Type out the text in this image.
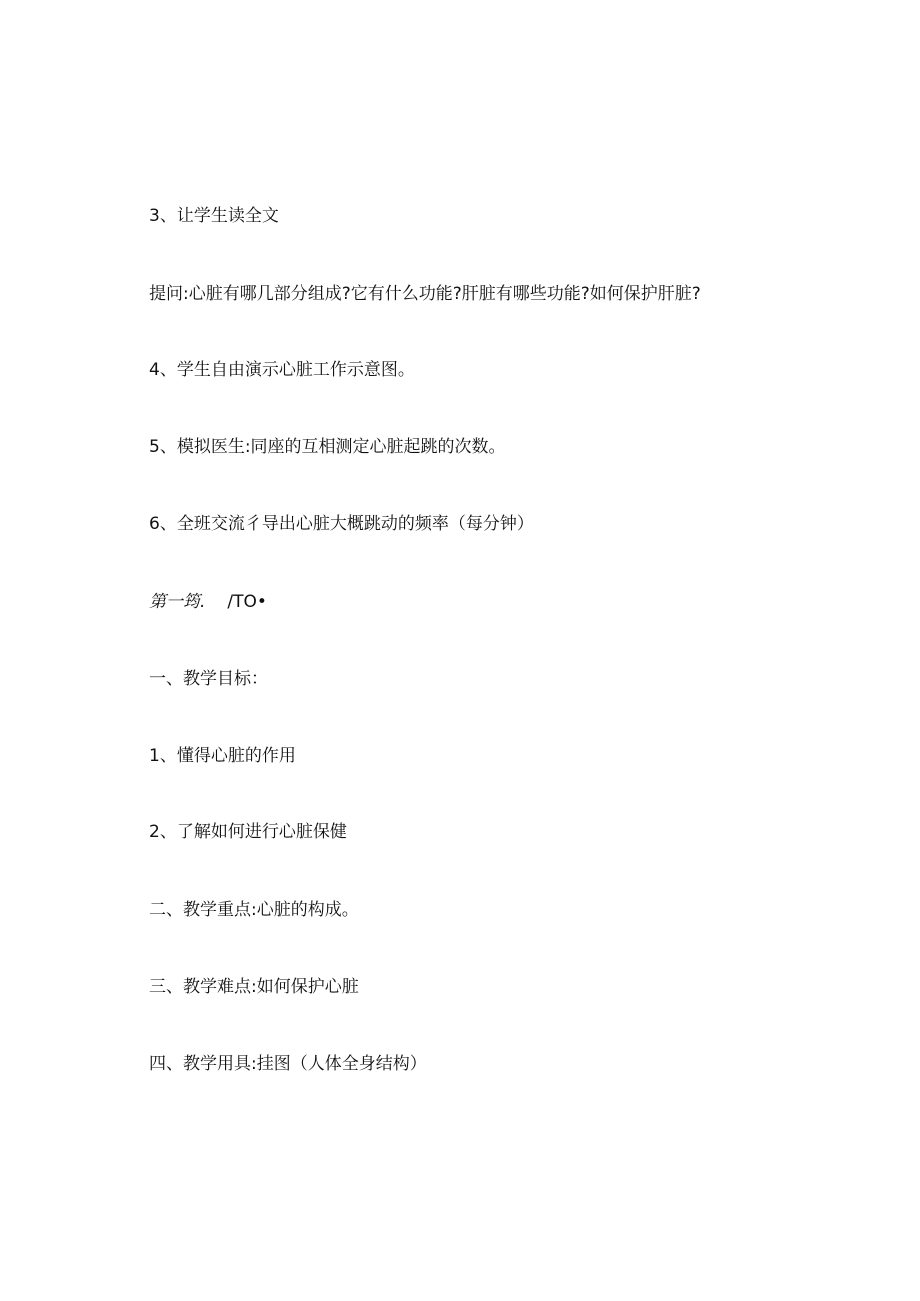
3、让学生读全文
提问:心脏有哪几部分组成?它有什么功能?肝脏有哪些功能?如何保护肝脏?
4、学生自由演示心脏工作示意图。
5、模拟医生:同座的互相测定心脏起跳的次数。
6、全班交流彳导出心脏大概跳动的频率（每分钟）
第一筠. /TO•
一、教学目标：
1、懂得心脏的作用
2、了解如何进行心脏保健
二、教学重点:心脏的构成。
三、教学难点:如何保护心脏
四、教学用具:挂图（人体全身结构）
